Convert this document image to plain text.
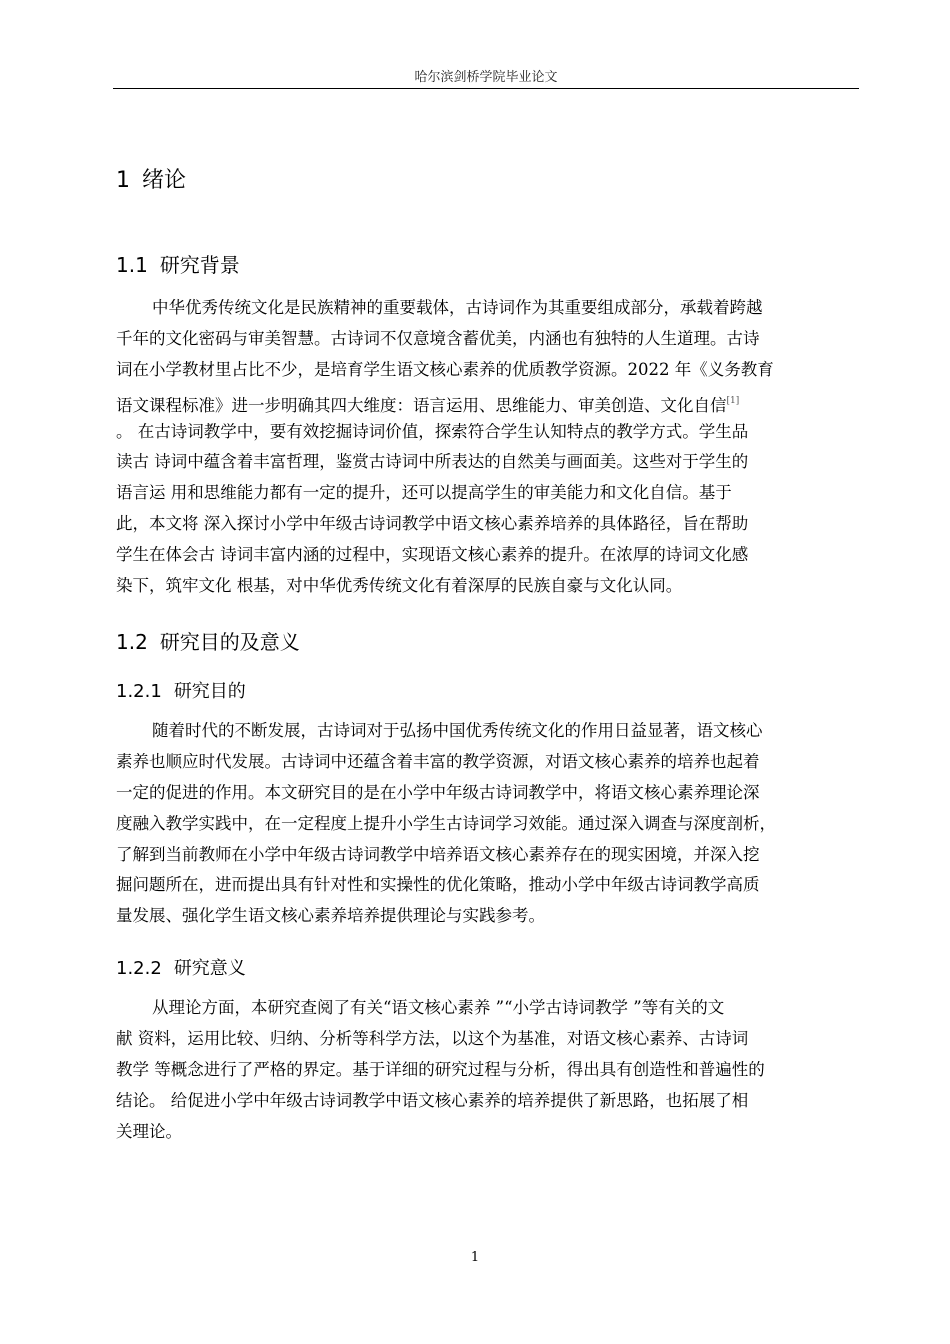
哈尔滨剑桥学院毕业论文
1 绪论
1.1 研究背景
中华优秀传统文化是民族精神的重要载体，古诗词作为其重要组成部分，承载着跨越
千年的文化密码与审美智慧。古诗词不仅意境含蓄优美，内涵也有独特的人生道理。古诗
词在小学教材里占比不少，是培育学生语文核心素养的优质教学资源。2022 年《义务教育
语文课程标准》进一步明确其四大维度：语言运用、思维能力、审美创造、文化自信[1]
。 在古诗词教学中，要有效挖掘诗词价值，探索符合学生认知特点的教学方式。学生品
读古 诗词中蕴含着丰富哲理，鉴赏古诗词中所表达的自然美与画面美。这些对于学生的
语言运 用和思维能力都有一定的提升，还可以提高学生的审美能力和文化自信。基于
此，本文将 深入探讨小学中年级古诗词教学中语文核心素养培养的具体路径，旨在帮助
学生在体会古 诗词丰富内涵的过程中，实现语文核心素养的提升。在浓厚的诗词文化感
染下，筑牢文化 根基，对中华优秀传统文化有着深厚的民族自豪与文化认同。
1.2 研究目的及意义
1.2.1 研究目的
随着时代的不断发展，古诗词对于弘扬中国优秀传统文化的作用日益显著，语文核心
素养也顺应时代发展。古诗词中还蕴含着丰富的教学资源，对语文核心素养的培养也起着
一定的促进的作用。本文研究目的是在小学中年级古诗词教学中，将语文核心素养理论深
度融入教学实践中，在一定程度上提升小学生古诗词学习效能。通过深入调查与深度剖析，
了解到当前教师在小学中年级古诗词教学中培养语文核心素养存在的现实困境，并深入挖
掘问题所在，进而提出具有针对性和实操性的优化策略，推动小学中年级古诗词教学高质
量发展、强化学生语文核心素养培养提供理论与实践参考。
1.2.2 研究意义
从理论方面，本研究查阅了有关“语文核心素养 ”“小学古诗词教学 ”等有关的文
献 资料，运用比较、归纳、分析等科学方法，以这个为基准，对语文核心素养、古诗词
教学 等概念进行了严格的界定。基于详细的研究过程与分析，得出具有创造性和普遍性的
结论。 给促进小学中年级古诗词教学中语文核心素养的培养提供了新思路，也拓展了相
关理论。
1
